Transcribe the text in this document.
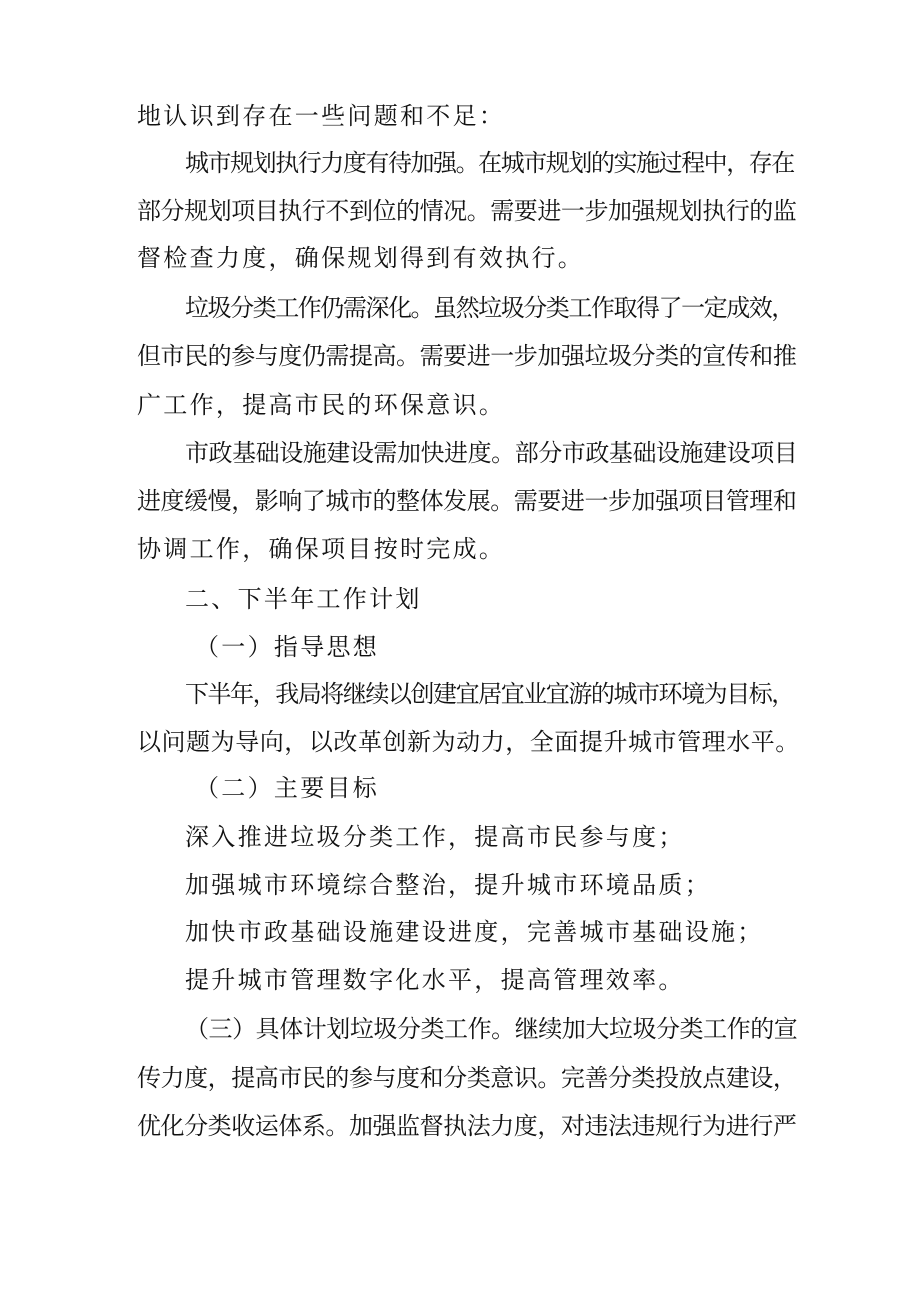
地认识到存在一些问题和不足：
城市规划执行力度有待加强。在城市规划的实施过程中，存在
部分规划项目执行不到位的情况。需要进一步加强规划执行的监
督检查力度，确保规划得到有效执行。
垃圾分类工作仍需深化。虽然垃圾分类工作取得了一定成效，
但市民的参与度仍需提高。需要进一步加强垃圾分类的宣传和推
广工作，提高市民的环保意识。
市政基础设施建设需加快进度。部分市政基础设施建设项目
进度缓慢，影响了城市的整体发展。需要进一步加强项目管理和
协调工作，确保项目按时完成。
二、下半年工作计划
（一）指导思想
下半年，我局将继续以创建宜居宜业宜游的城市环境为目标，
以问题为导向，以改革创新为动力，全面提升城市管理水平。
（二）主要目标
深入推进垃圾分类工作，提高市民参与度；
加强城市环境综合整治，提升城市环境品质；
加快市政基础设施建设进度，完善城市基础设施；
提升城市管理数字化水平，提高管理效率。
（三）具体计划垃圾分类工作。继续加大垃圾分类工作的宣
传力度，提高市民的参与度和分类意识。完善分类投放点建设，
优化分类收运体系。加强监督执法力度，对违法违规行为进行严
